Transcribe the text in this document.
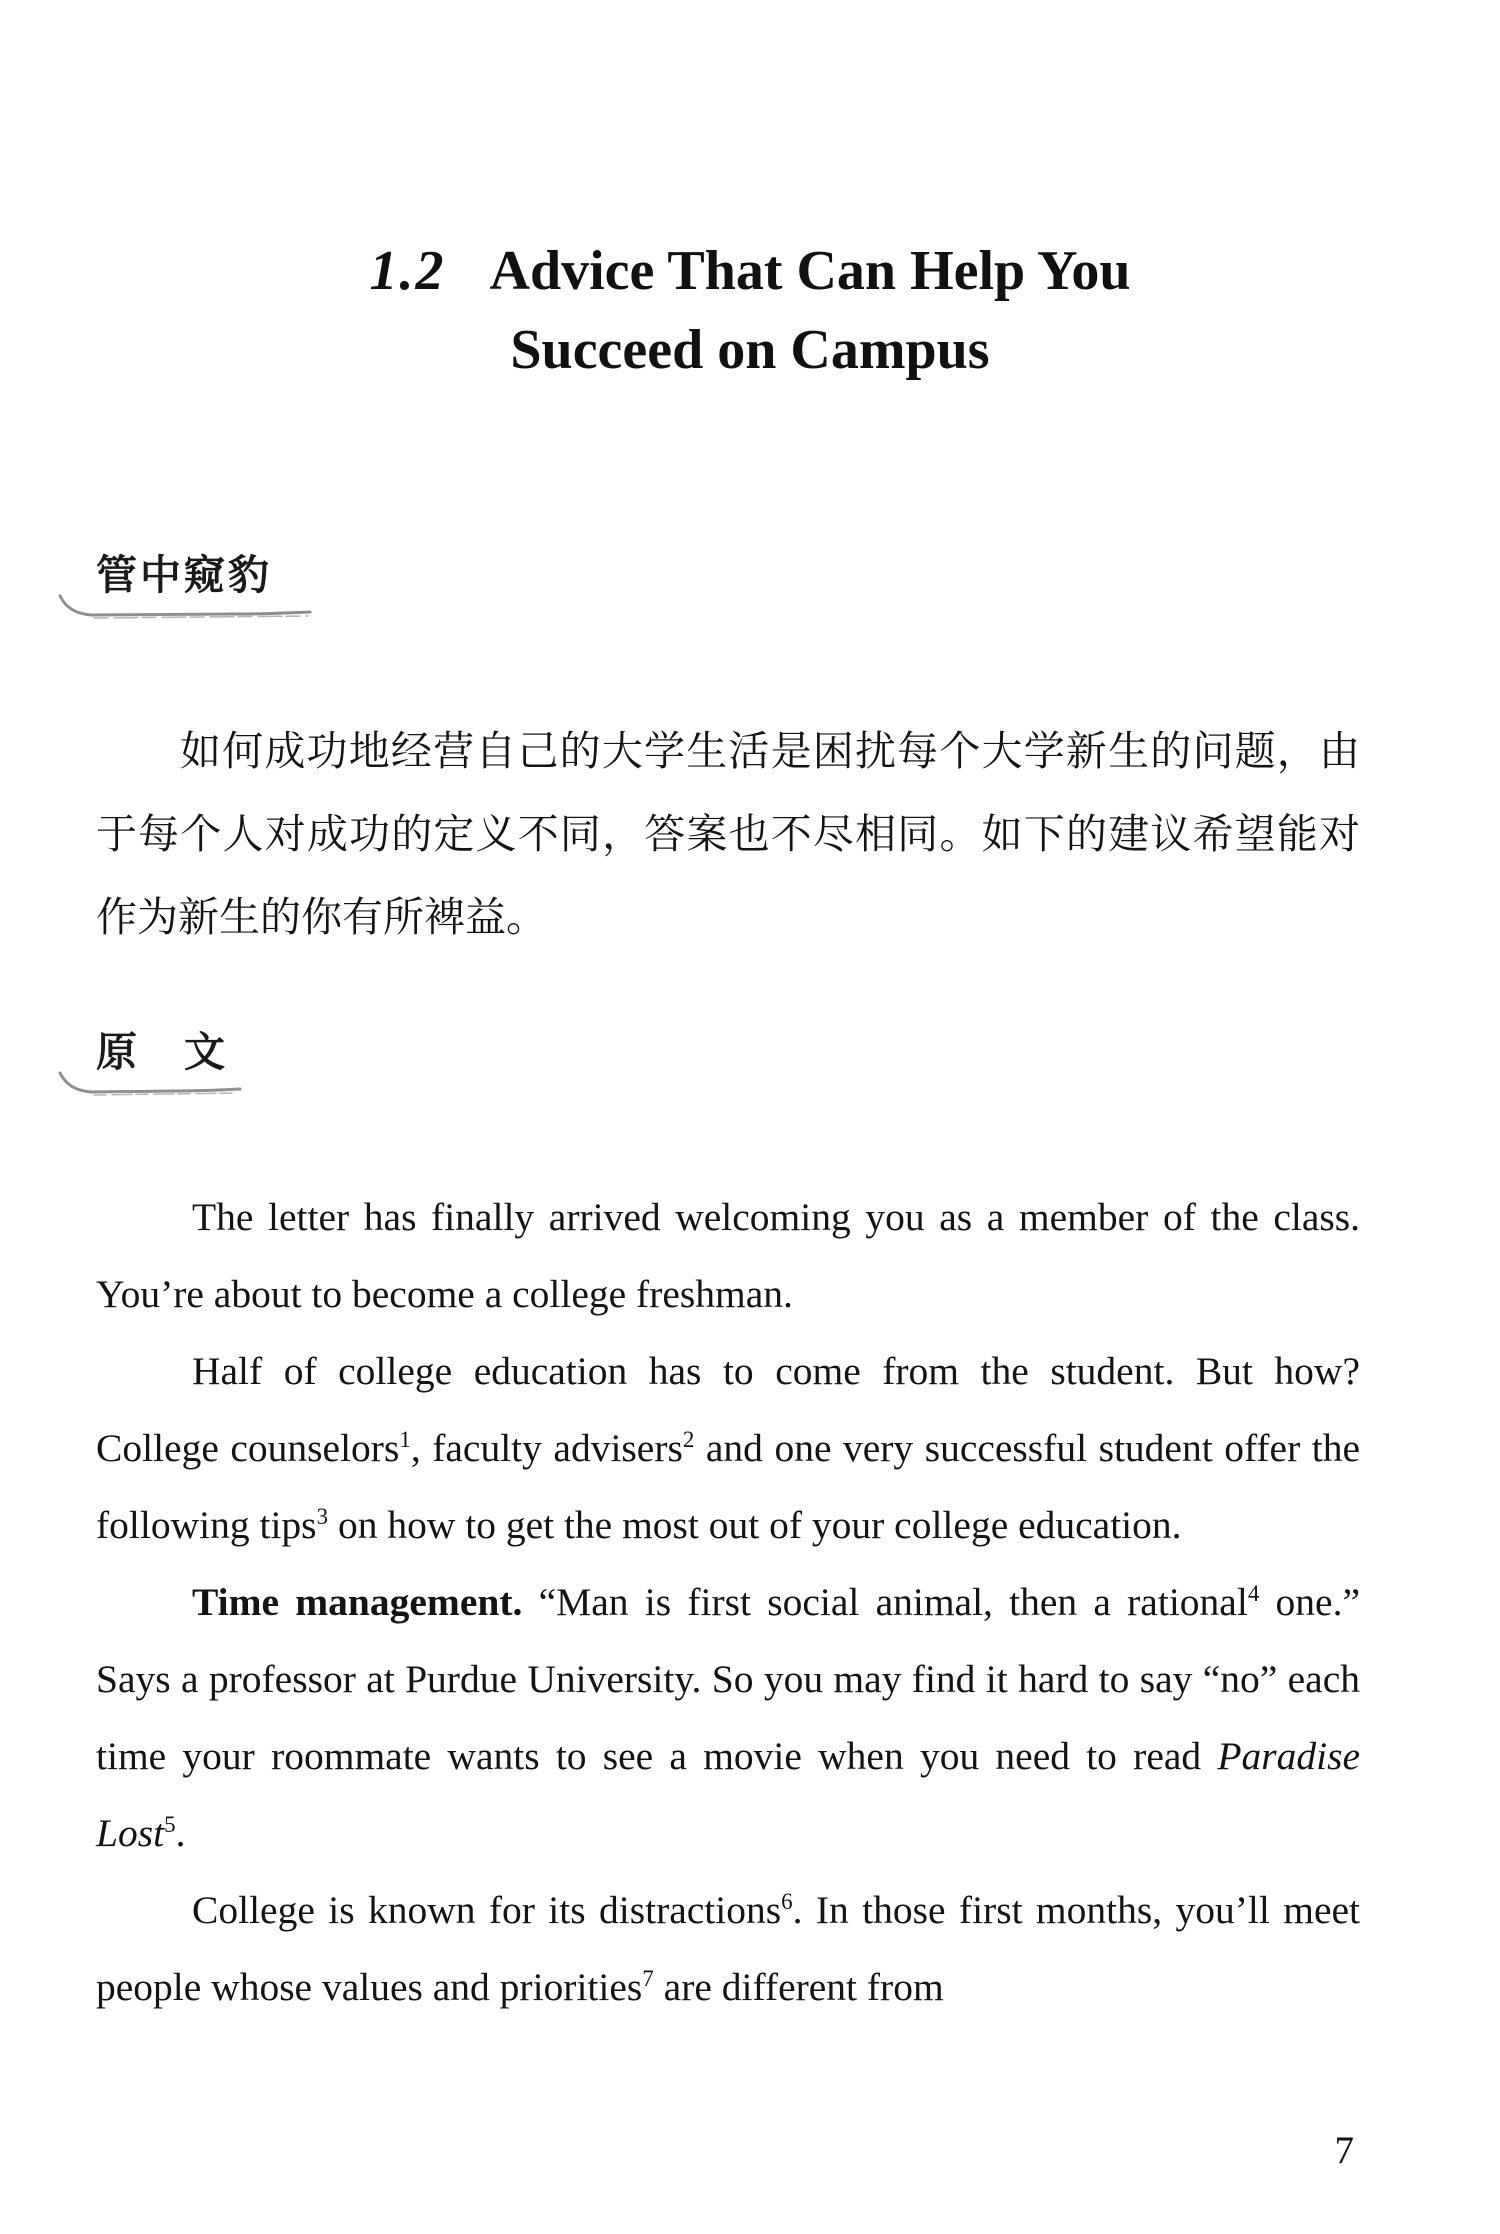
1.2 Advice That Can Help You
Succeed on Campus
管中窥豹

如何成功地经营自己的大学生活是困扰每个大学新生的问题，由于每个人对成功的定义不同，答案也不尽相同。如下的建议希望能对作为新生的你有所裨益。

原　文

The letter has finally arrived welcoming you as a member of the class. You’re about to become a college freshman.

Half of college education has to come from the student. But how? College counselors$^1$, faculty advisers$^2$ and one very successful student offer the following tips$^3$ on how to get the most out of your college education.

Time management. “Man is first social animal, then a rational$^4$ one.” Says a professor at Purdue University. So you may find it hard to say “no” each time your roommate wants to see a movie when you need to read Paradise Lost$^5$.

College is known for its distractions$^6$. In those first months, you’ll meet people whose values and priorities$^7$ are different from

7
